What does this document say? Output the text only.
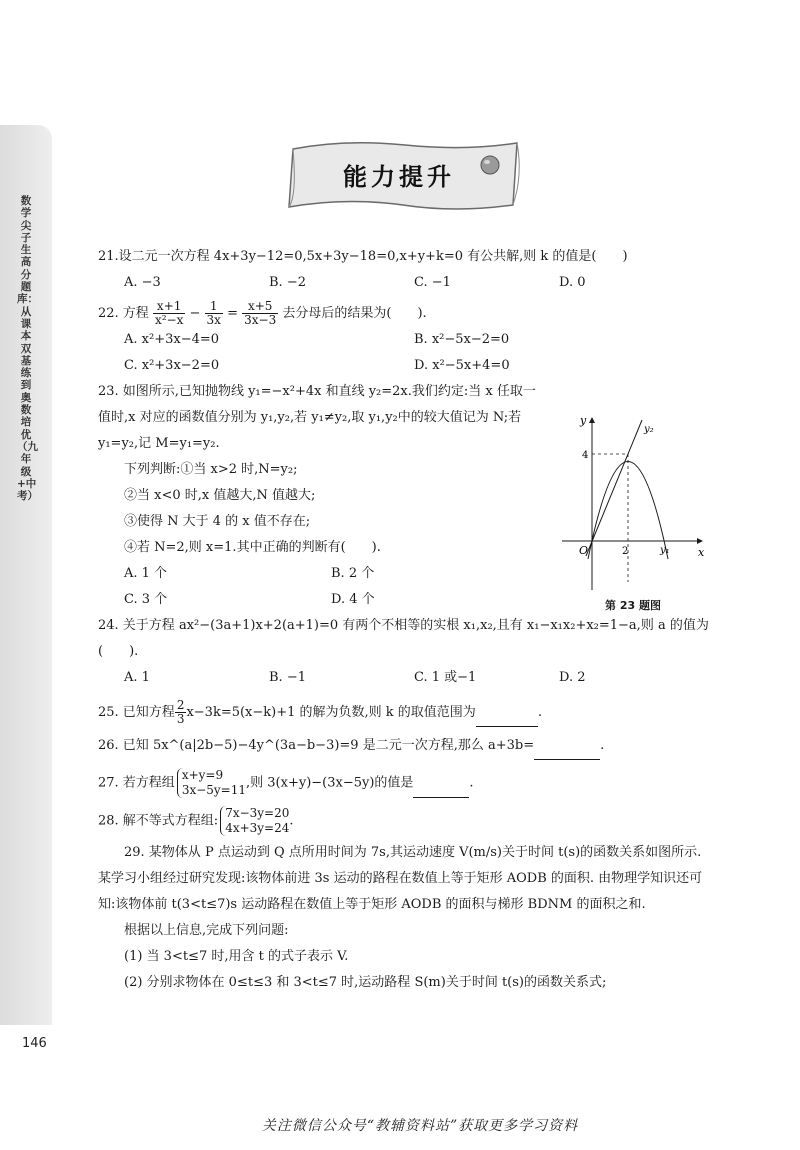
数学尖子生高分题库：从课本双基练到奥数培优（九年级+中考）
146
能力提升

21.设二元一次方程 4x+3y−12=0,5x+3y−18=0,x+y+k=0 有公共解,则 k 的值是(　　)

A. −3	B. −2	C. −1	D. 0

22. 方程 $\frac{x+1}{\text{x²−x}} - \frac{1}{3x} = \frac{x+5}{3x-3}$ 去分母后的结果为(　　).

A. x²+3x−4=0	B. x²−5x−2=0
C. x²+3x−2=0	D. x²−5x+4=0

23. 如图所示,已知抛物线 y₁=−x²+4x 和直线 y₂=2x.我们约定:当 x 任取一值时,x 对应的函数值分别为 y₁,y₂,若 y₁≠y₂,取 y₁,y₂中的较大值记为 N;若 y₁=y₂,记 M=y₁=y₂.

下列判断:①当 x>2 时,N=y₂;

②当 x<0 时,x 值越大,N 值越大;

③使得 N 大于 4 的 x 值不存在;

④若 N=2,则 x=1.其中正确的判断有(　　).

A. 1 个	B. 2 个
C. 3 个	D. 4 个

24. 关于方程 ax²−(3a+1)x+2(a+1)=0 有两个不相等的实根 x₁,x₂,且有 x₁−x₁x₂+x₂=1−a,则 a 的值为(　　).

A. 1	B. −1	C. 1 或−1	D. 2

25. 已知方程 $\frac{2}{3} x-3k=5(x-k)+1$ 的解为负数,则 k 的取值范围为	.

26. 已知 5x^(a|2b−5)−4y^(3a−b−3)=9 是二元一次方程,那么 a+3b=	.

27. 若方程组x+y=9
3x−5y=11,则 3(x+y)−(3x−5y)的值是	.

28. 解不等式方程组:7x−3y=20
4x+3y=24.

29. 某物体从 P 点运动到 Q 点所用时间为 7s,其运动速度 V(m/s)关于时间 t(s)的函数关系如图所示. 某学习小组经过研究发现:该物体前进 3s 运动的路程在数值上等于矩形 AODB 的面积. 由物理学知识还可知:该物体前 t(3<t≤7)s 运动路程在数值上等于矩形 AODB 的面积与梯形 BDNM 的面积之和.

根据以上信息,完成下列问题:

(1) 当 3<t≤7 时,用含 t 的式子表示 V.

(2) 分别求物体在 0≤t≤3 和 3<t≤7 时,运动路程 S(m)关于时间 t(s)的函数关系式;

y
x
O
4
2	y₁
y₂
第 23 题图
关注微信公众号“教辅资料站”获取更多学习资料
